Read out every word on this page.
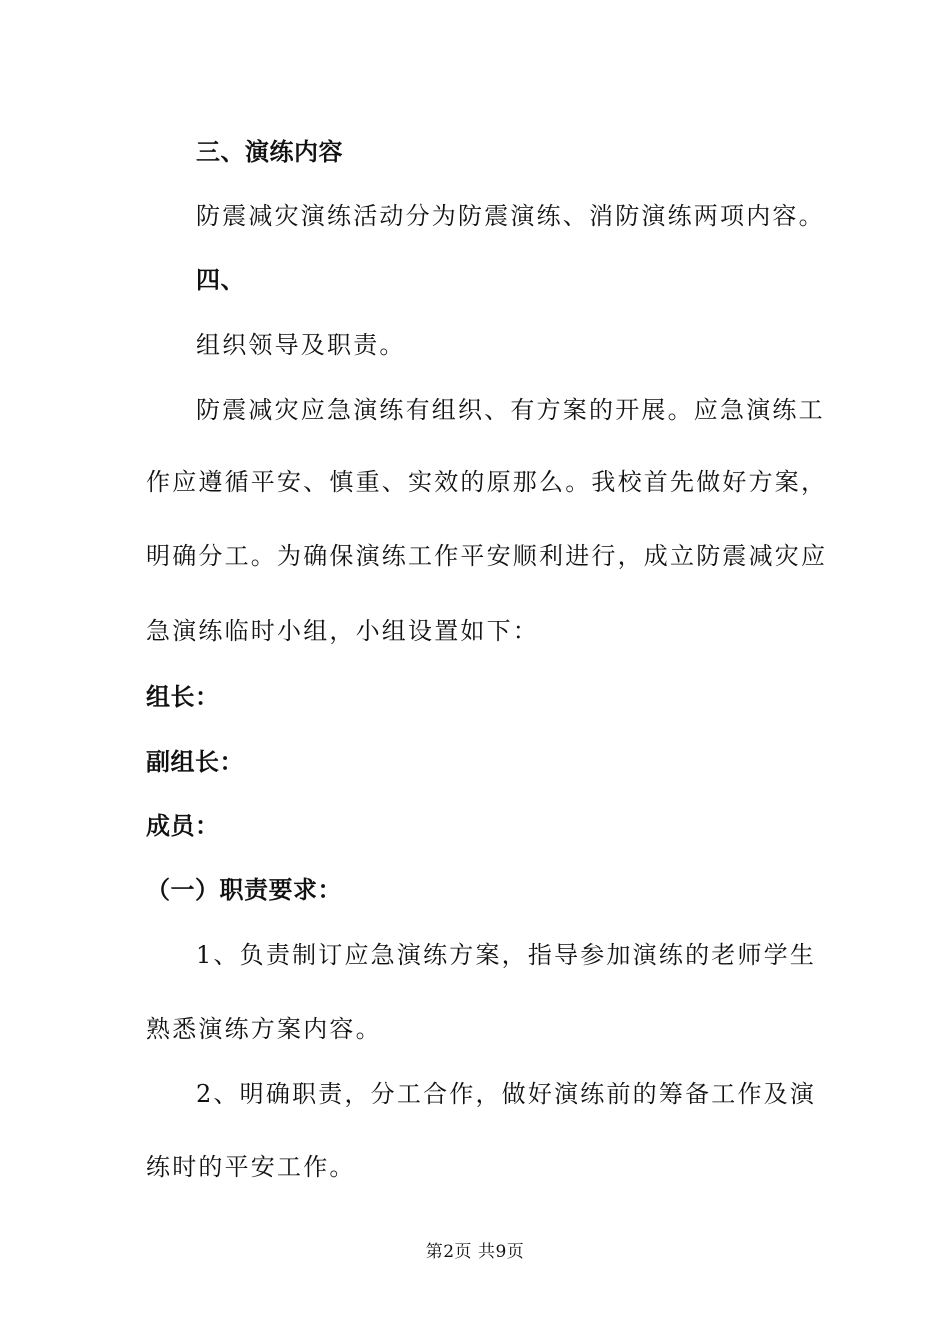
三、演练内容
防震减灾演练活动分为防震演练、消防演练两项内容。
四、
组织领导及职责。
防震减灾应急演练有组织、有方案的开展。应急演练工
作应遵循平安、慎重、实效的原那么。我校首先做好方案，
明确分工。为确保演练工作平安顺利进行，成立防震减灾应
急演练临时小组，小组设置如下：
组长：
副组长：
成员：
（一）职责要求：
1、负责制订应急演练方案，指导参加演练的老师学生
熟悉演练方案内容。
2、明确职责，分工合作，做好演练前的筹备工作及演
练时的平安工作。
第2页 共9页
